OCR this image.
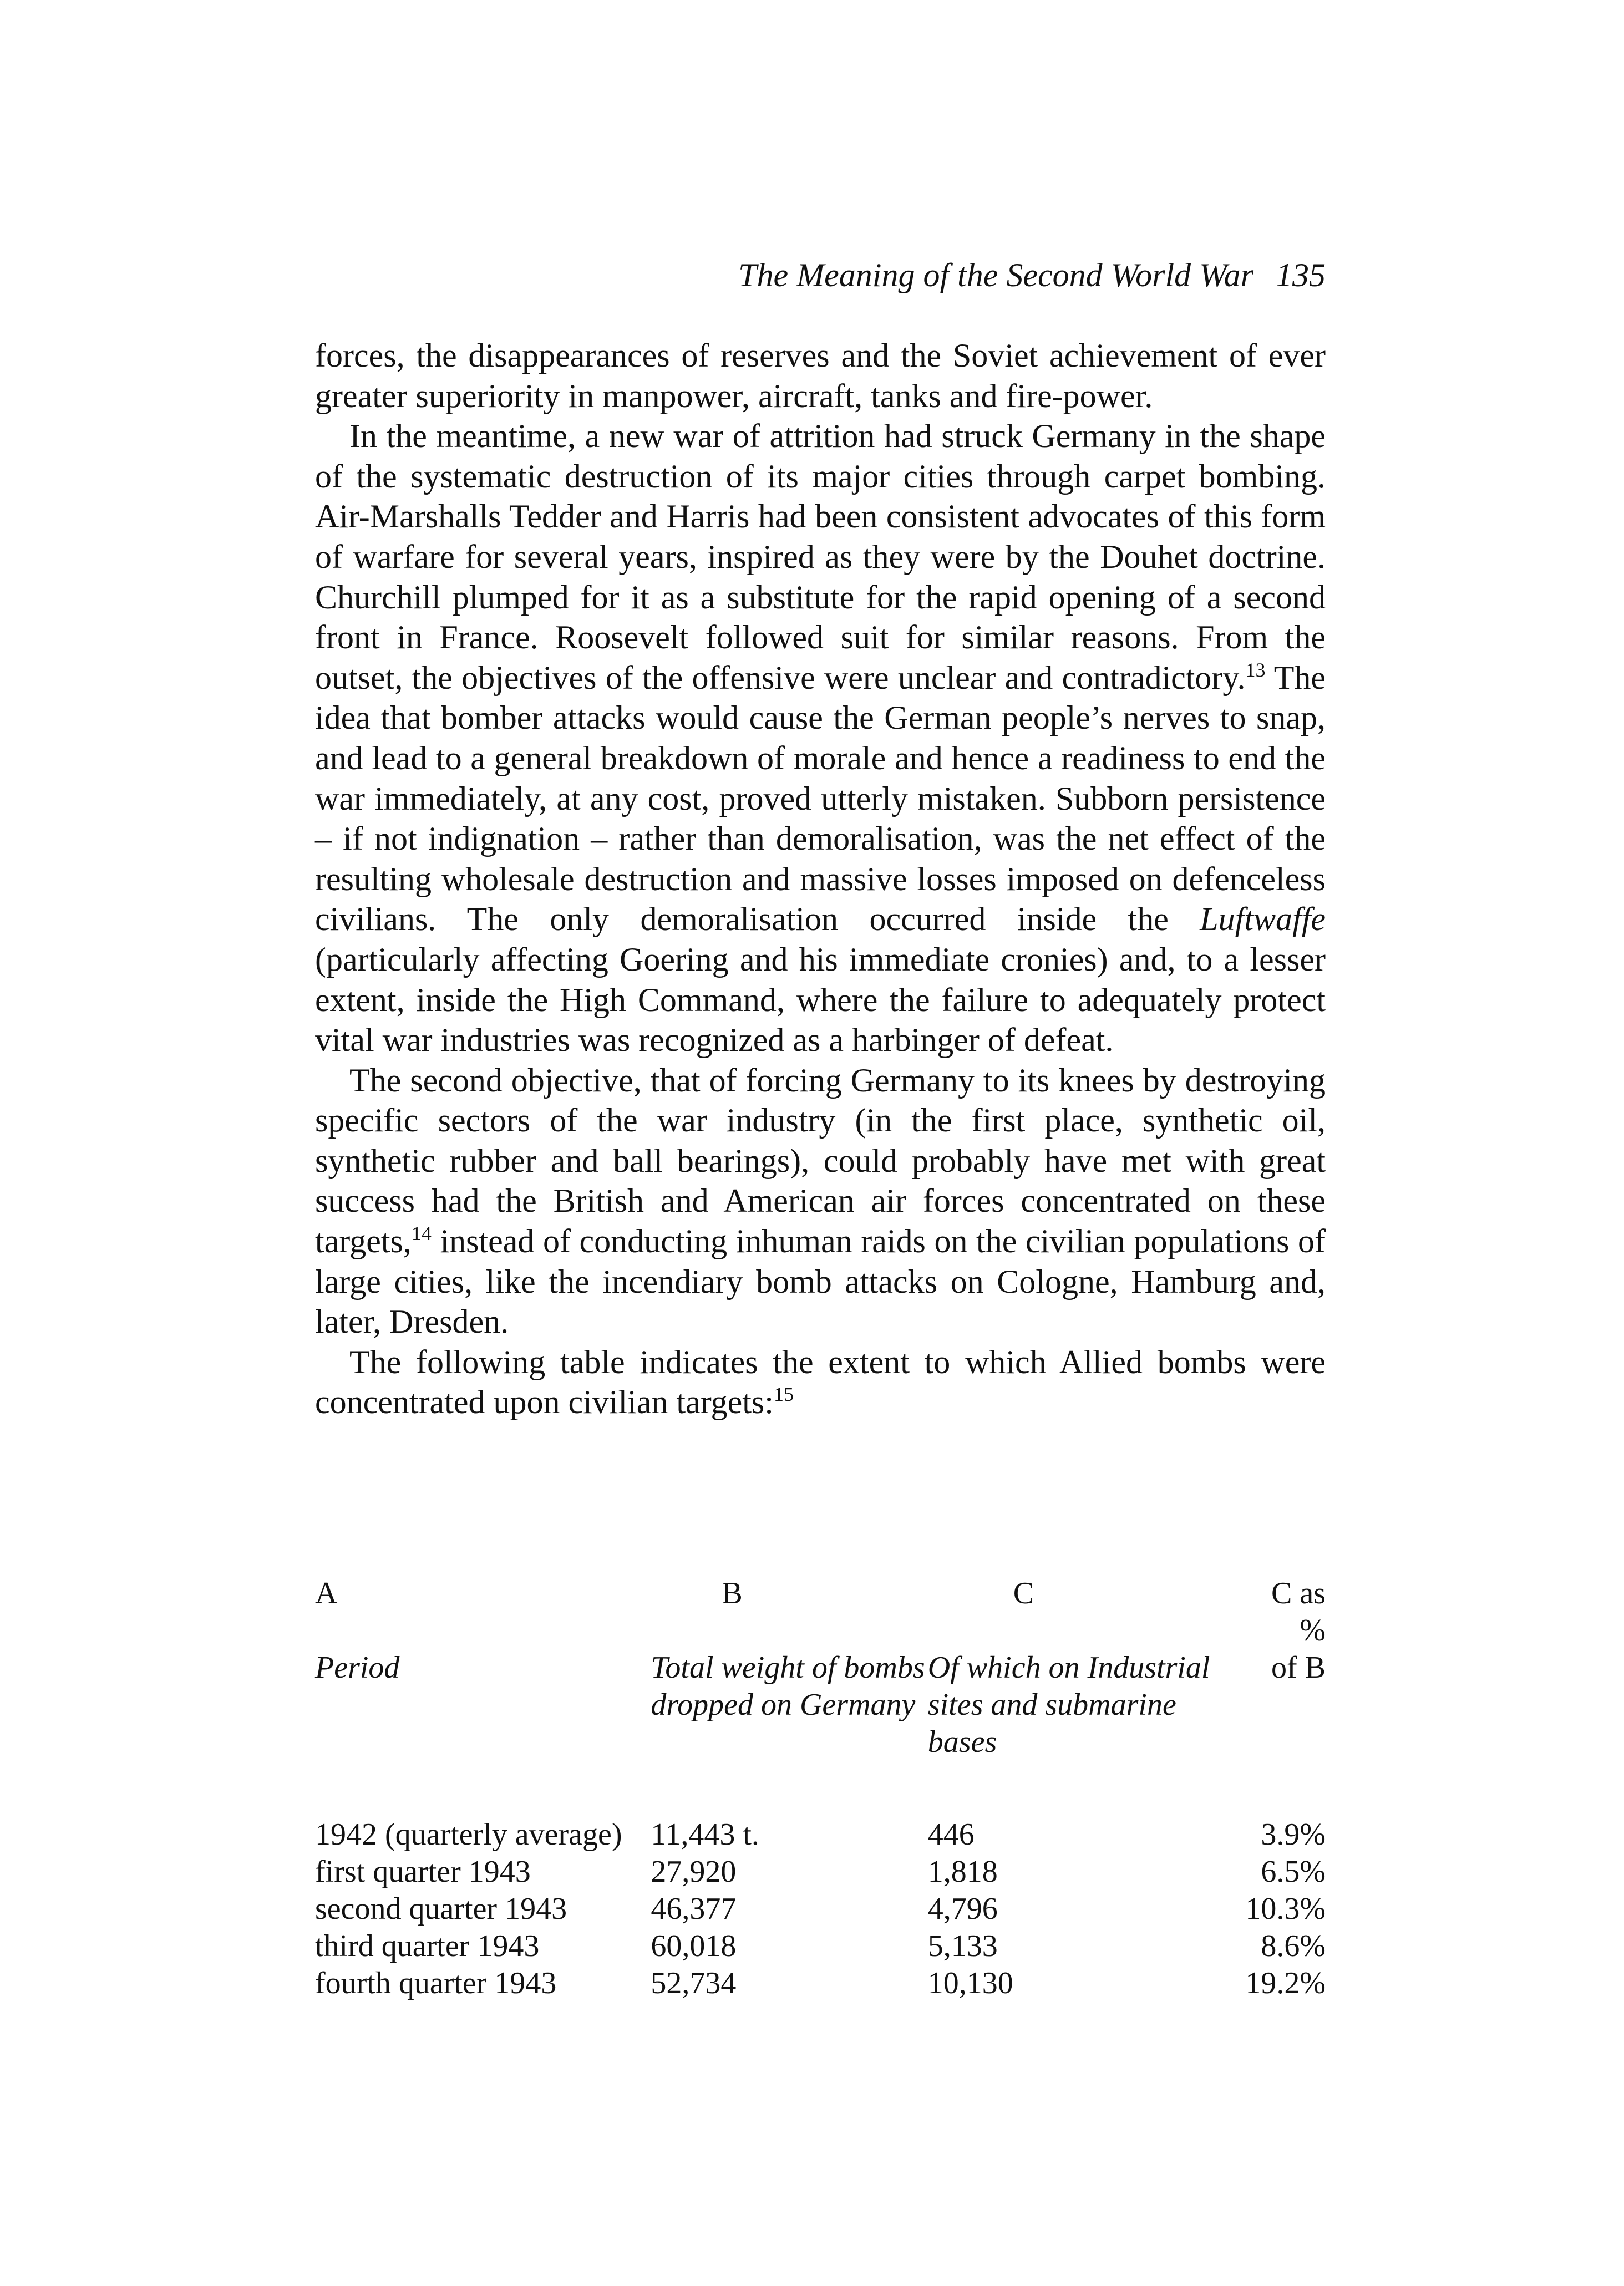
The Meaning of the Second World War 135

forces, the disappearances of reserves and the Soviet achievement of ever greater superiority in manpower, aircraft, tanks and fire-power.

In the meantime, a new war of attrition had struck Germany in the shape of the systematic destruction of its major cities through carpet bombing. Air-Marshalls Tedder and Harris had been consistent advocates of this form of warfare for several years, inspired as they were by the Douhet doctrine. Churchill plumped for it as a substitute for the rapid opening of a second front in France. Roosevelt followed suit for similar reasons. From the outset, the objectives of the offensive were unclear and contradictory.$^{13}$ The idea that bomber attacks would cause the German people’s nerves to snap, and lead to a general breakdown of morale and hence a readiness to end the war immediately, at any cost, proved utterly mistaken. Subborn persistence – if not indignation – rather than demoralisation, was the net effect of the resulting wholesale destruction and massive losses imposed on defenceless civilians. The only demoralisation occurred inside the Luftwaffe (particularly affecting Goering and his immediate cronies) and, to a lesser extent, inside the High Command, where the failure to adequately protect vital war industries was recognized as a harbinger of defeat.

The second objective, that of forcing Germany to its knees by destroying specific sectors of the war industry (in the first place, synthetic oil, synthetic rubber and ball bearings), could probably have met with great success had the British and American air forces concentrated on these targets,$^{14}$ instead of conducting inhuman raids on the civilian populations of large cities, like the incendiary bomb attacks on Cologne, Hamburg and, later, Dresden.

The following table indicates the extent to which Allied bombs were concentrated upon civilian targets:$^{15}$

A	B	C	C as %
Period	Total weight of bombs dropped on Germany	Of which on Industrial sites and submarine bases	of B

1942 (quarterly average)	11,443 t.	446	3.9%
first quarter 1943	27,920	1,818	6.5%
second quarter 1943	46,377	4,796	10.3%
third quarter 1943	60,018	5,133	8.6%
fourth quarter 1943	52,734	10,130	19.2%
